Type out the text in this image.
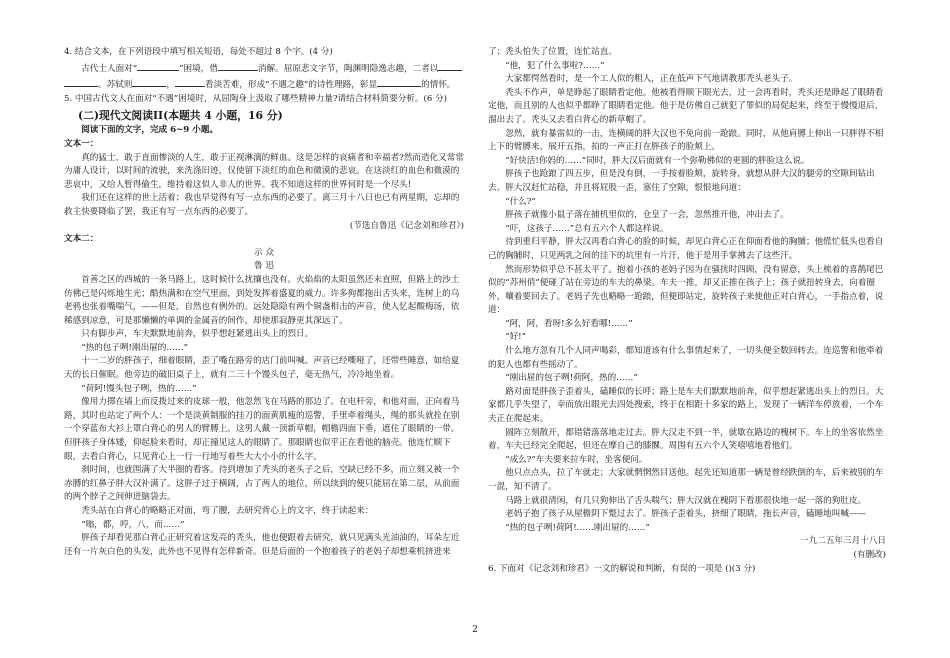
4. 结合文本，在下列语段中填写相关短语，每处不超过 8 个字。(4 分)

古代士人面对“	”困境，借	消解。屈原悲文字节，陶渊明隐逸志趣，二者以。苏轼则	，	看淡苦难，形成“不遇之趣”的诗性理路，彰显	的情怀。

5. 中国古代文人在面对“不遇”困境时，从屈陶身上汲取了哪些精神力量?请结合材料简要分析。(6 分)

(二)现代文阅读II(本题共 4 小题，16 分)

阅读下面的文字，完成 6~9 小题。

文本一：

真的猛士，敢于直面惨淡的人生，敢于正视淋漓的鲜血。这是怎样的哀痛者和幸福者?然而造化又常常为庸人设计，以时间的流驶，来洗涤旧迹，仅使留下淡红的血色和微漠的悲哀。在这淡红的血色和微漠的悲哀中，又给人暂得偷生，维持着这似人非人的世界。我不知道这样的世界何时是一个尽头!

我们还在这样的世上活着；我也早觉得有写一点东西的必要了。离三月十八日也已有两星期，忘却的救主快要降临了罢，我正有写一点东西的必要了。

(节选自鲁迅《记念刘和珍君》)

文本二：

示 众

鲁 迅

首善之区的西城的一条马路上，这时候什么扰攘也没有。火焰焰的太阳虽然还未直照，但路上的沙土仿佛已是闪烁地生光；酷热满和在空气里面，到处发挥着盛夏的威力。许多狗都拖出舌头来，连树上的乌老鸦也张着嘴喘气，——但是，自然也有例外的。远处隐隐有两个铜盏相击的声音，使人忆起酸梅汤，依稀感到凉意，可是那懒懒的单调的金属音的间作，却使那寂静更其深远了。

只有脚步声，车夫默默地前奔，似乎想赶紧逃出头上的烈日。

“热的包子咧!刚出屉的……”

十一二岁的胖孩子，细着眼睛，歪了嘴在路旁的店门前叫喊。声音已经嘶哑了，还带些睡意，如给夏天的长日催眠。他旁边的破旧桌子上，就有二三十个馒头包子，毫无热气，冷冷地坐着。

“荷阿!馒头包子咧，热的……”

像用力掷在墙上而反拨过来的皮球一般，他忽然飞在马路的那边了。在电杆旁，和他对面，正向着马路，其时也站定了两个人：一个是淡黄制服的挂刀的面黄肌瘦的巡警，手里牵着绳头，绳的那头就拴在别一个穿蓝布大衫上罩白背心的男人的臂膊上。这男人戴一顶新草帽，帽檐四面下垂，遮住了眼睛的一带。但胖孩子身体矮，仰起脸来看时，却正撞见这人的眼睛了。那眼睛也似乎正在看他的脑壳。他连忙顺下眼，去看白背心，只见背心上一行一行地写着些大大小小的什么字。

刹时间，也就围满了大半圈的看客。待到增加了秃头的老头子之后，空缺已经不多，而立刻又被一个赤膊的红鼻子胖大汉补满了。这胖子过于横阔，占了两人的地位，所以续到的便只能屈在第二层，从前面的两个脖子之间伸进脑袋去。

秃头站在白背心的略略正对面，弯了腰，去研究背心上的文字，终于读起来：

“嗡，都，哼，八，而……”

胖孩子却看见那白背心正研究着这发亮的秃头，他也便跟着去研究，就只见满头光油油的，耳朵左近还有一片灰白色的头发，此外也不见得有怎样新奇。但是后面的一个抱着孩子的老妈子却想乘机挤进来

了；秃头怕失了位置，连忙站直。

“他，犯了什么事啦?……”

大家都愕然看时，是一个工人似的粗人，正在低声下气地请教那秃头老头子。

秃头不作声，单是睁起了眼睛看定他。他被看得顺下眼光去，过一会再看时，秃头还是睁起了眼睛看定他，而且别的人也似乎都睁了眼睛看定他。他于是仿佛自己就犯了罪似的局促起来，终至于慢慢退后，溜出去了。秃头又去看白背心的新草帽了。

忽然，就有暴雷似的一击，连横阔的胖大汉也不免向前一跄踉。同时，从他肩膊上伸出一只胖得不相上下的臂膊来，展开五指，拍的一声正打在胖孩子的脸颊上。

“好快活!你妈的……”同时，胖大汉后面就有一个弥勒佛似的更圆的胖脸这么说。

胖孩子也跄踉了四五步，但是没有倒，一手按着脸颊，旋转身，就想从胖大汉的腿旁的空隙间钻出去。胖大汉赶忙站稳，并且将屁股一歪，塞住了空隙，恨恨地问道：

“什么?”

胖孩子就像小鼠子落在捕机里似的，仓皇了一会，忽然推开他，冲出去了。

“吓，这孩子……”总有五六个人都这样说。

待到重归平静，胖大汉再看白背心的脸的时候，却见白背心正在仰面看他的胸脯；他慌忙低头也看自己的胸脯时，只见两乳之间的洼下的坑里有一片汗，他于是用手掌拂去了这些汗。

然而形势似乎总不甚太平了。抱着小孩的老妈子因为在骚扰时四顾，没有留意，头上梳着的喜鹊尾巴似的“苏州俏”便碰了站在旁边的车夫的鼻梁。车夫一推，却又正推在孩子上；孩子就扭转身去，向着圈外，嚷着要回去了。老妈子先也略略一跄踉，但便即站定，旋转孩子来使他正对白背心，一手指点着，说道：

“阿，阿，看呀!多么好看哪!……”

“好!”

什么地方忽有几个人同声喝彩，都知道该有什么事情起来了，一切头便全数回转去。连巡警和他牵着的犯人也都有些摇动了。

“刚出屉的包子咧!荷阿，热的……”

路对面是胖孩子歪着头，磕睡似的长呼；路上是车夫们默默地前奔，似乎想赶紧逃出头上的烈日。大家都几乎失望了，幸而放出眼光去四处搜索，终于在相距十多家的路上，发现了一辆洋车停放着，一个车夫正在爬起来。

圆阵立刻散开，都错错落落地走过去。胖大汉走不到一半，就歇在路边的槐树下。车上的坐客依然坐着，车夫已经完全爬起，但还在摩自己的膝髁。周围有五六个人笑嘻嘻地看他们。

“成么?”车夫要来拉车时，坐客便问。

他只点点头，拉了车就走；大家就惘惘然目送他。起先还知道那一辆是曾经跌倒的车，后来被别的车一混，知不清了。

马路上就很清闲，有几只狗伸出了舌头喘气；胖大汉就在槐阴下看那很快地一起一落的狗肚皮。

老妈子抱了孩子从屋檐阴下蹩过去了。胖孩子歪着头，挤细了眼睛，拖长声音，磕睡地叫喊——

“热的包子咧!荷阿!……刚出屉的……”

一九二五年三月十八日

(有删改)

6. 下面对《记念刘和珍君》一文的解说和判断，有误的一项是 ()(3 分)

2
